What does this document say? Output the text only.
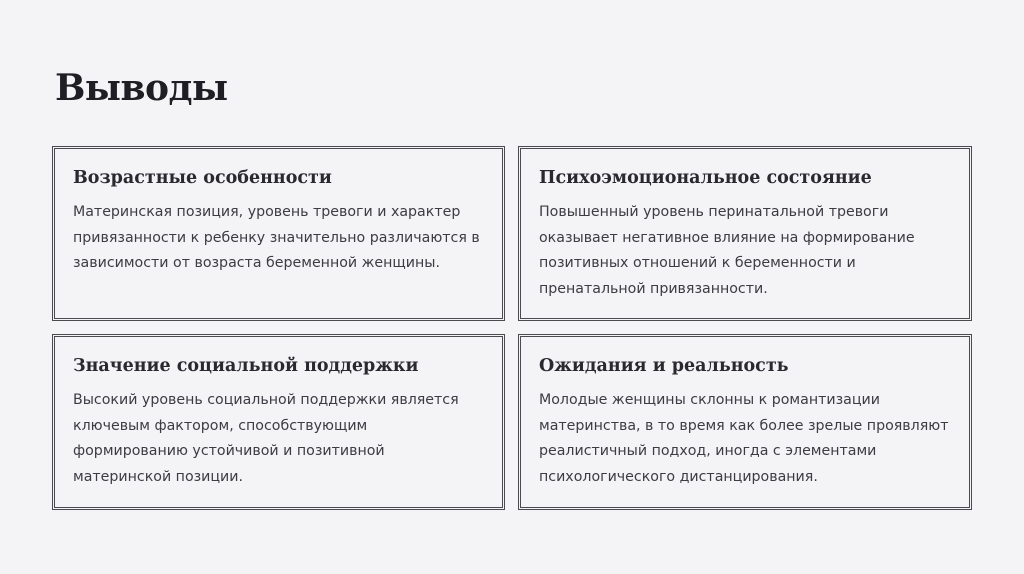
Выводы
Возрастные особенности

Материнская позиция, уровень тревоги и характер привязанности к ребенку значительно различаются в зависимости от возраста беременной женщины.

Психоэмоциональное состояние

Повышенный уровень перинатальной тревоги оказывает негативное влияние на формирование позитивных отношений к беременности и пренатальной привязанности.

Значение социальной поддержки

Высокий уровень социальной поддержки является ключевым фактором, способствующим формированию устойчивой и позитивной материнской позиции.

Ожидания и реальность

Молодые женщины склонны к романтизации материнства, в то время как более зрелые проявляют реалистичный подход, иногда с элементами психологического дистанцирования.
